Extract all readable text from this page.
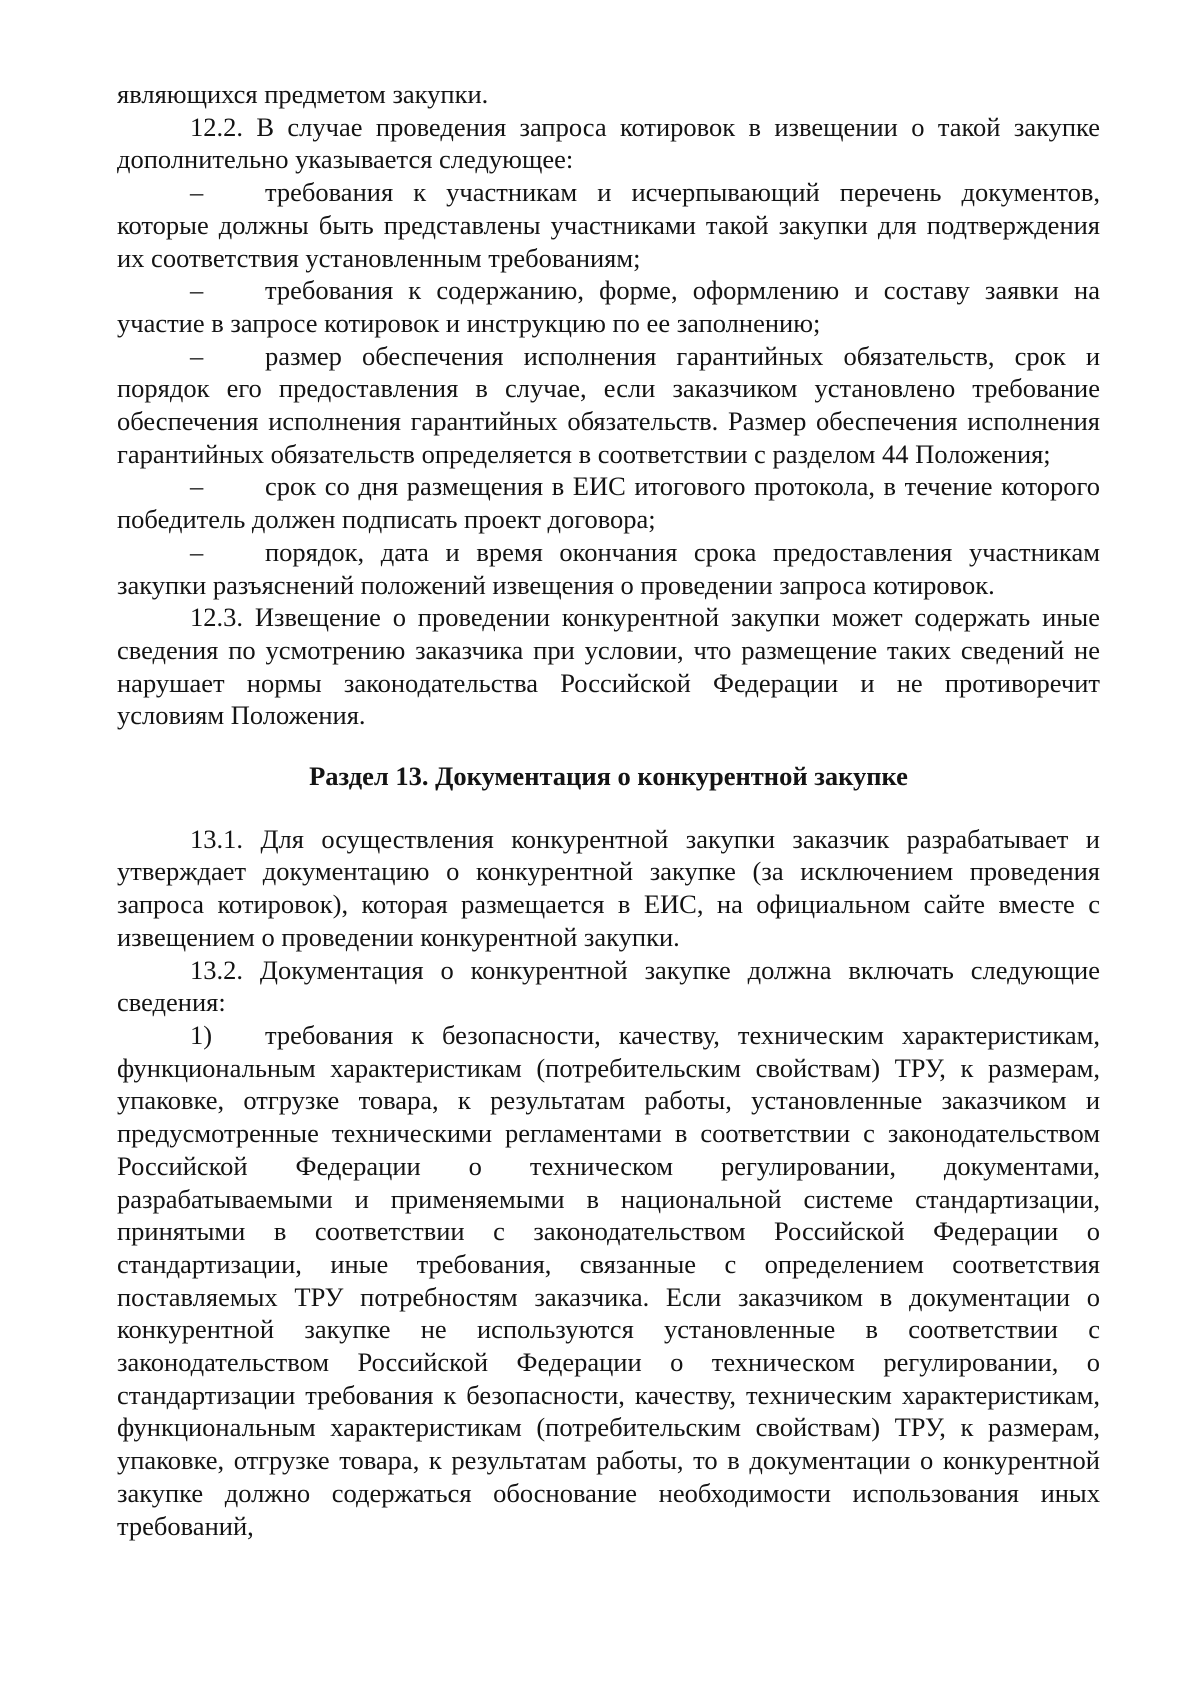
являющихся предметом закупки.

12.2. В случае проведения запроса котировок в извещении о такой закупке дополнительно указывается следующее:

– требования к участникам и исчерпывающий перечень документов, которые должны быть представлены участниками такой закупки для подтверждения их соответствия установленным требованиям;

– требования к содержанию, форме, оформлению и составу заявки на участие в запросе котировок и инструкцию по ее заполнению;

– размер обеспечения исполнения гарантийных обязательств, срок и порядок его предоставления в случае, если заказчиком установлено требование обеспечения исполнения гарантийных обязательств. Размер обеспечения исполнения гарантийных обязательств определяется в соответствии с разделом 44 Положения;

– срок со дня размещения в ЕИС итогового протокола, в течение которого победитель должен подписать проект договора;

– порядок, дата и время окончания срока предоставления участникам закупки разъяснений положений извещения о проведении запроса котировок.

12.3. Извещение о проведении конкурентной закупки может содержать иные сведения по усмотрению заказчика при условии, что размещение таких сведений не нарушает нормы законодательства Российской Федерации и не противоречит условиям Положения.

Раздел 13. Документация о конкурентной закупке

13.1. Для осуществления конкурентной закупки заказчик разрабатывает и утверждает документацию о конкурентной закупке (за исключением проведения запроса котировок), которая размещается в ЕИС, на официальном сайте вместе с извещением о проведении конкурентной закупки.

13.2. Документация о конкурентной закупке должна включать следующие сведения:

1) требования к безопасности, качеству, техническим характеристикам, функциональным характеристикам (потребительским свойствам) ТРУ, к размерам, упаковке, отгрузке товара, к результатам работы, установленные заказчиком и предусмотренные техническими регламентами в соответствии с законодательством Российской Федерации о техническом регулировании, документами, разрабатываемыми и применяемыми в национальной системе стандартизации, принятыми в соответствии с законодательством Российской Федерации о стандартизации, иные требования, связанные с определением соответствия поставляемых ТРУ потребностям заказчика. Если заказчиком в документации о конкурентной закупке не используются установленные в соответствии с законодательством Российской Федерации о техническом регулировании, о стандартизации требования к безопасности, качеству, техническим характеристикам, функциональным характеристикам (потребительским свойствам) ТРУ, к размерам, упаковке, отгрузке товара, к результатам работы, то в документации о конкурентной закупке должно содержаться обоснование необходимости использования иных требований,
